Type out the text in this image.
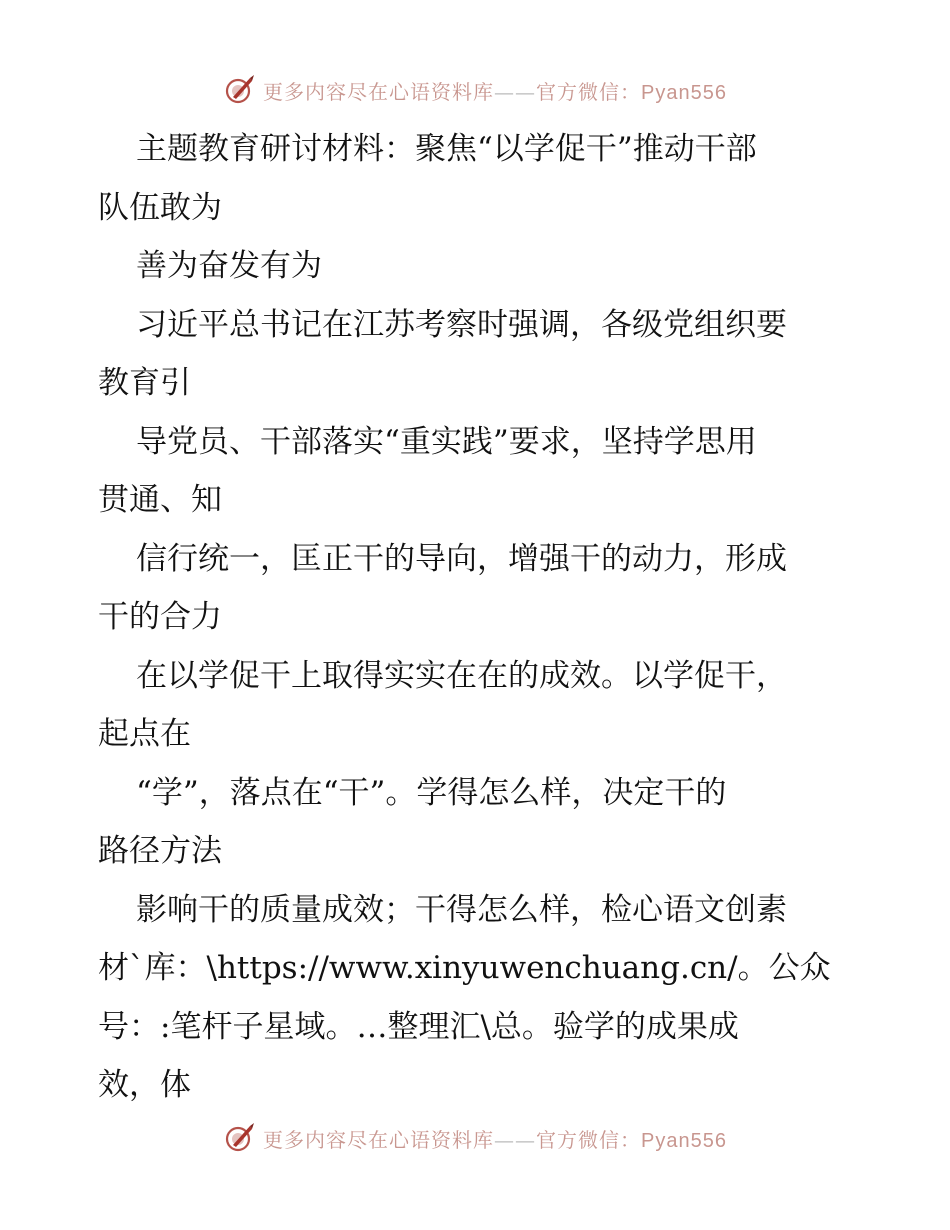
更多内容尽在心语资料库——官方微信：Pyan556
主题教育研讨材料：聚焦“以学促干”推动干部
队伍敢为
善为奋发有为
习近平总书记在江苏考察时强调，各级党组织要
教育引
导党员、干部落实“重实践”要求，坚持学思用
贯通、知
信行统一，匡正干的导向，增强干的动力，形成
干的合力
在以学促干上取得实实在在的成效。以学促干，
起点在
“学”，落点在“干”。学得怎么样，决定干的
路径方法
影响干的质量成效；干得怎么样，检心语文创素
材`库：\https://www.xinyuwenchuang.cn/。公众
号：:笔杆子星域。…整理汇\总。验学的成果成
效，体
更多内容尽在心语资料库——官方微信：Pyan556
